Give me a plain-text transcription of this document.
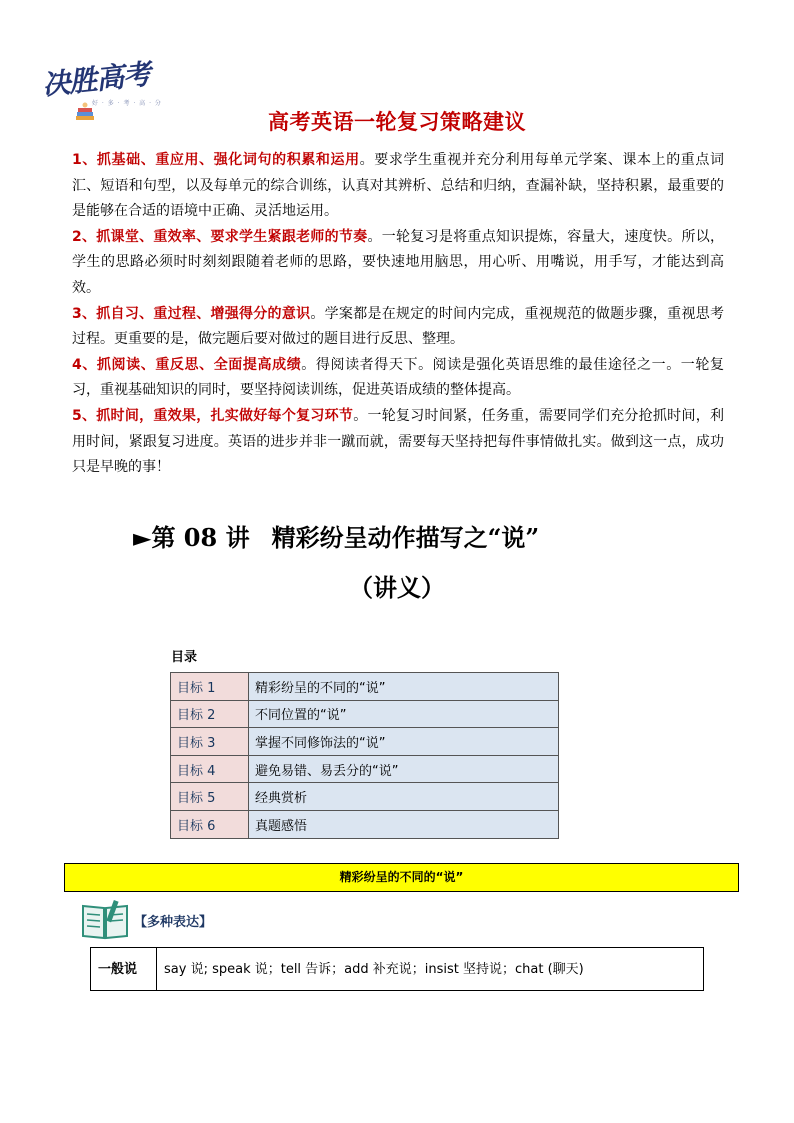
决胜高考
好 · 多 · 考 · 高 · 分
高考英语一轮复习策略建议

1、抓基础、重应用、强化词句的积累和运用。要求学生重视并充分利用每单元学案、课本上的重点词汇、短语和句型，以及每单元的综合训练，认真对其辨析、总结和归纳，查漏补缺，坚持积累，最重要的是能够在合适的语境中正确、灵活地运用。

2、抓课堂、重效率、要求学生紧跟老师的节奏。一轮复习是将重点知识提炼，容量大，速度快。所以，学生的思路必须时时刻刻跟随着老师的思路，要快速地用脑思，用心听、用嘴说，用手写，才能达到高效。

3、抓自习、重过程、增强得分的意识。学案都是在规定的时间内完成，重视规范的做题步骤，重视思考过程。更重要的是，做完题后要对做过的题目进行反思、整理。

4、抓阅读、重反思、全面提高成绩。得阅读者得天下。阅读是强化英语思维的最佳途径之一。一轮复习，重视基础知识的同时，要坚持阅读训练，促进英语成绩的整体提高。

5、抓时间，重效果，扎实做好每个复习环节。一轮复习时间紧，任务重，需要同学们充分抢抓时间，利用时间，紧跟复习进度。英语的进步并非一蹴而就，需要每天坚持把每件事情做扎实。做到这一点，成功只是早晚的事！

►第 08 讲 精彩纷呈动作描写之“说”
（讲义）
目录
目标 1	精彩纷呈的不同的“说”
目标 2	不同位置的“说”
目标 3	掌握不同修饰法的“说”
目标 4	避免易错、易丢分的“说”
目标 5	经典赏析
目标 6	真题感悟
精彩纷呈的不同的“说”
【多种表达】
一般说	say 说; speak 说；tell 告诉；add 补充说；insist 坚持说；chat (聊天)
